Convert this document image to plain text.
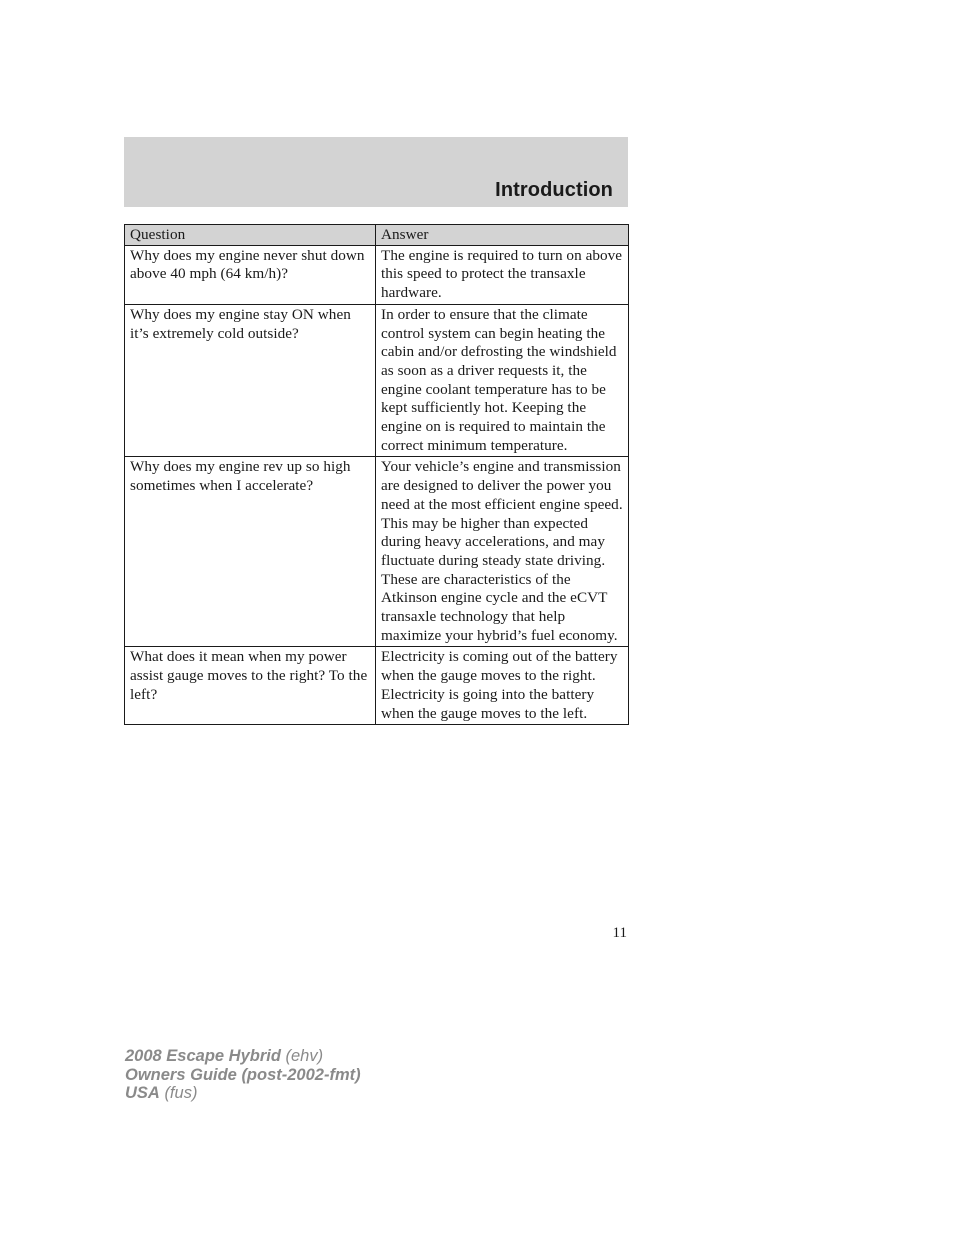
Introduction
Question	Answer
Why does my engine never shut down above 40 mph (64 km/h)?	The engine is required to turn on above this speed to protect the transaxle hardware.
Why does my engine stay ON when it’s extremely cold outside?	In order to ensure that the climate control system can begin heating the cabin and/or defrosting the windshield as soon as a driver requests it, the engine coolant temperature has to be kept sufficiently hot. Keeping the engine on is required to maintain the correct minimum temperature.
Why does my engine rev up so high sometimes when I accelerate?	Your vehicle’s engine and transmission are designed to deliver the power you need at the most efficient engine speed. This may be higher than expected during heavy accelerations, and may fluctuate during steady state driving. These are characteristics of the Atkinson engine cycle and the eCVT transaxle technology that help maximize your hybrid’s fuel economy.
What does it mean when my power assist gauge moves to the right? To the left?	Electricity is coming out of the battery when the gauge moves to the right. Electricity is going into the battery when the gauge moves to the left.
11
2008 Escape Hybrid (ehv)
Owners Guide (post-2002-fmt)
USA (fus)
